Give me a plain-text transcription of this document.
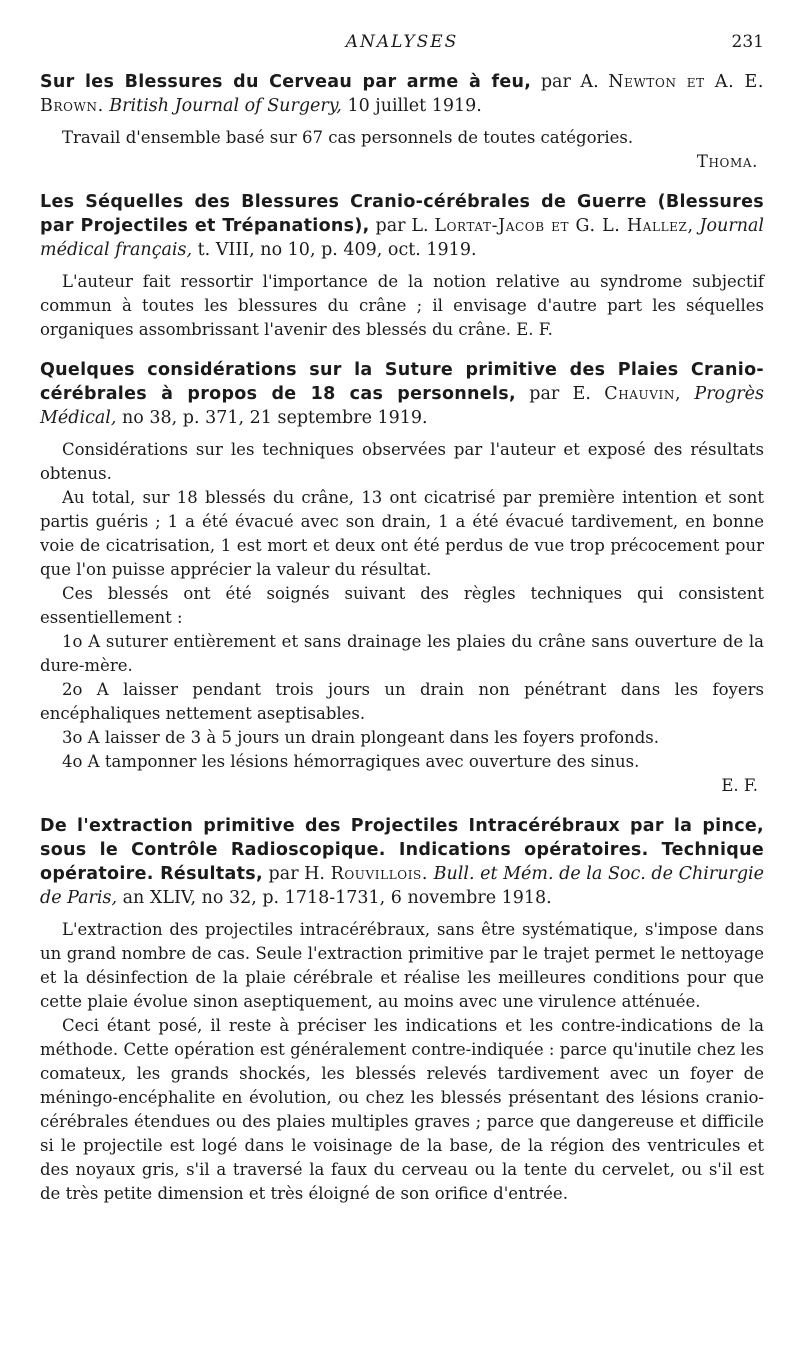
ANALYSES	231

Sur les Blessures du Cerveau par arme à feu, par A. Newton et A. E. Brown. British Journal of Surgery, 10 juillet 1919.

Travail d'ensemble basé sur 67 cas personnels de toutes catégories.

Thoma.

Les Séquelles des Blessures Cranio-cérébrales de Guerre (Blessures par Projectiles et Trépanations), par L. Lortat-Jacob et G. L. Hallez, Journal médical français, t. VIII, no 10, p. 409, oct. 1919.

L'auteur fait ressortir l'importance de la notion relative au syndrome subjectif commun à toutes les blessures du crâne ; il envisage d'autre part les séquelles organiques assombrissant l'avenir des blessés du crâne. E. F.

Quelques considérations sur la Suture primitive des Plaies Cranio-cérébrales à propos de 18 cas personnels, par E. Chauvin, Progrès Médical, no 38, p. 371, 21 septembre 1919.

Considérations sur les techniques observées par l'auteur et exposé des résultats obtenus.

Au total, sur 18 blessés du crâne, 13 ont cicatrisé par première intention et sont partis guéris ; 1 a été évacué avec son drain, 1 a été évacué tardivement, en bonne voie de cicatrisation, 1 est mort et deux ont été perdus de vue trop précocement pour que l'on puisse apprécier la valeur du résultat.

Ces blessés ont été soignés suivant des règles techniques qui consistent essentiellement :

1o A suturer entièrement et sans drainage les plaies du crâne sans ouverture de la dure-mère.

2o A laisser pendant trois jours un drain non pénétrant dans les foyers encéphaliques nettement aseptisables.

3o A laisser de 3 à 5 jours un drain plongeant dans les foyers profonds.

4o A tamponner les lésions hémorragiques avec ouverture des sinus.

E. F.

De l'extraction primitive des Projectiles Intracérébraux par la pince, sous le Contrôle Radioscopique. Indications opératoires. Technique opératoire. Résultats, par H. Rouvillois. Bull. et Mém. de la Soc. de Chirurgie de Paris, an XLIV, no 32, p. 1718-1731, 6 novembre 1918.

L'extraction des projectiles intracérébraux, sans être systématique, s'impose dans un grand nombre de cas. Seule l'extraction primitive par le trajet permet le nettoyage et la désinfection de la plaie cérébrale et réalise les meilleures conditions pour que cette plaie évolue sinon aseptiquement, au moins avec une virulence atténuée.

Ceci étant posé, il reste à préciser les indications et les contre-indications de la méthode. Cette opération est généralement contre-indiquée : parce qu'inutile chez les comateux, les grands shockés, les blessés relevés tardivement avec un foyer de méningo-encéphalite en évolution, ou chez les blessés présentant des lésions cranio-cérébrales étendues ou des plaies multiples graves ; parce que dangereuse et difficile si le projectile est logé dans le voisinage de la base, de la région des ventricules et des noyaux gris, s'il a traversé la faux du cerveau ou la tente du cervelet, ou s'il est de très petite dimension et très éloigné de son orifice d'entrée.
